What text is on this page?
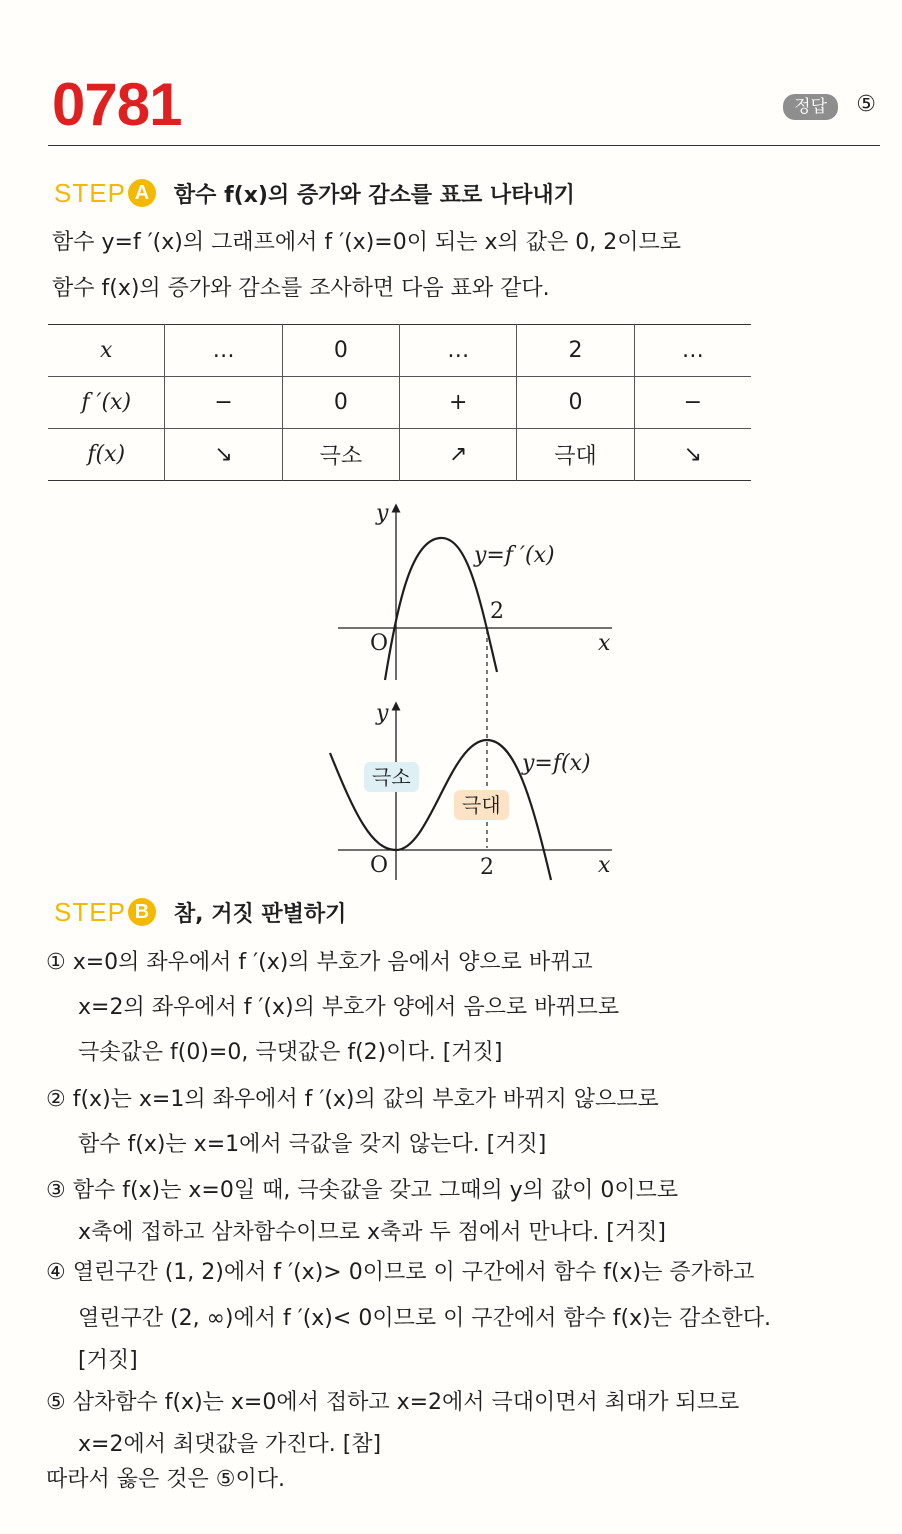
0781	정답	⑤
STEP A	함수 f(x)의 증가와 감소를 표로 나타내기
함수 y=f ′(x)의 그래프에서 f ′(x)=0이 되는 x의 값은 0, 2이므로
함수 f(x)의 증가와 감소를 조사하면 다음 표와 같다.
x	…	0	…	2	…
f ′(x)	−	0	+	0	−
f(x)	↘	극소	↗	극대	↘
y
x
O
2
y=f ′(x)
y
x
O	2
y=f(x)
극소
극대
STEP B	참, 거짓 판별하기
① x=0의 좌우에서 f ′(x)의 부호가 음에서 양으로 바뀌고
x=2의 좌우에서 f ′(x)의 부호가 양에서 음으로 바뀌므로
극솟값은 f(0)=0, 극댓값은 f(2)이다. [거짓]
② f(x)는 x=1의 좌우에서 f ′(x)의 값의 부호가 바뀌지 않으므로
함수 f(x)는 x=1에서 극값을 갖지 않는다. [거짓]
③ 함수 f(x)는 x=0일 때, 극솟값을 갖고 그때의 y의 값이 0이므로
x축에 접하고 삼차함수이므로 x축과 두 점에서 만나다. [거짓]
④ 열린구간 (1, 2)에서 f ′(x)> 0이므로 이 구간에서 함수 f(x)는 증가하고
열린구간 (2, ∞)에서 f ′(x)< 0이므로 이 구간에서 함수 f(x)는 감소한다.
[거짓]
⑤ 삼차함수 f(x)는 x=0에서 접하고 x=2에서 극대이면서 최대가 되므로
x=2에서 최댓값을 가진다. [참]
따라서 옳은 것은 ⑤이다.
